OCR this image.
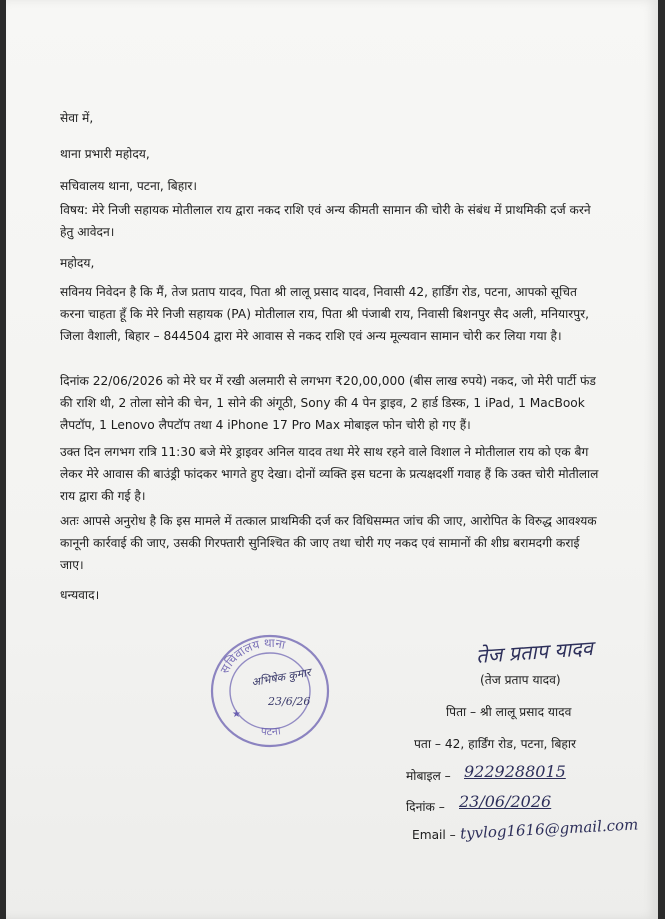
सेवा में,
थाना प्रभारी महोदय,
सचिवालय थाना, पटना, बिहार।
विषय: मेरे निजी सहायक मोतीलाल राय द्वारा नकद राशि एवं अन्य कीमती सामान की चोरी के संबंध में प्राथमिकी दर्ज करने हेतु आवेदन।
महोदय,
सविनय निवेदन है कि मैं, तेज प्रताप यादव, पिता श्री लालू प्रसाद यादव, निवासी 42, हार्डिंग रोड, पटना, आपको सूचित करना चाहता हूँ कि मेरे निजी सहायक (PA) मोतीलाल राय, पिता श्री पंजाबी राय, निवासी बिशनपुर सैद अली, मनियारपुर, जिला वैशाली, बिहार – 844504 द्वारा मेरे आवास से नकद राशि एवं अन्य मूल्यवान सामान चोरी कर लिया गया है।
दिनांक 22/06/2026 को मेरे घर में रखी अलमारी से लगभग ₹20,00,000 (बीस लाख रुपये) नकद, जो मेरी पार्टी फंड की राशि थी, 2 तोला सोने की चेन, 1 सोने की अंगूठी, Sony की 4 पेन ड्राइव, 2 हार्ड डिस्क, 1 iPad, 1 MacBook लैपटॉप, 1 Lenovo लैपटॉप तथा 4 iPhone 17 Pro Max मोबाइल फोन चोरी हो गए हैं।
उक्त दिन लगभग रात्रि 11:30 बजे मेरे ड्राइवर अनिल यादव तथा मेरे साथ रहने वाले विशाल ने मोतीलाल राय को एक बैग लेकर मेरे आवास की बाउंड्री फांदकर भागते हुए देखा। दोनों व्यक्ति इस घटना के प्रत्यक्षदर्शी गवाह हैं कि उक्त चोरी मोतीलाल राय द्वारा की गई है।
अतः आपसे अनुरोध है कि इस मामले में तत्काल प्राथमिकी दर्ज कर विधिसम्मत जांच की जाए, आरोपित के विरुद्ध आवश्यक कानूनी कार्रवाई की जाए, उसकी गिरफ्तारी सुनिश्चित की जाए तथा चोरी गए नकद एवं सामानों की शीघ्र बरामदगी कराई जाए।
धन्यवाद।
सचिवालय थाना
पटना
★
अभिषेक कुमार
23/6/26
तेज प्रताप यादव
(तेज प्रताप यादव)
पिता – श्री लालू प्रसाद यादव
पता – 42, हार्डिंग रोड, पटना, बिहार
मोबाइल – 9229288015
दिनांक – 23/06/2026
Email – tyvlog1616@gmail.com
